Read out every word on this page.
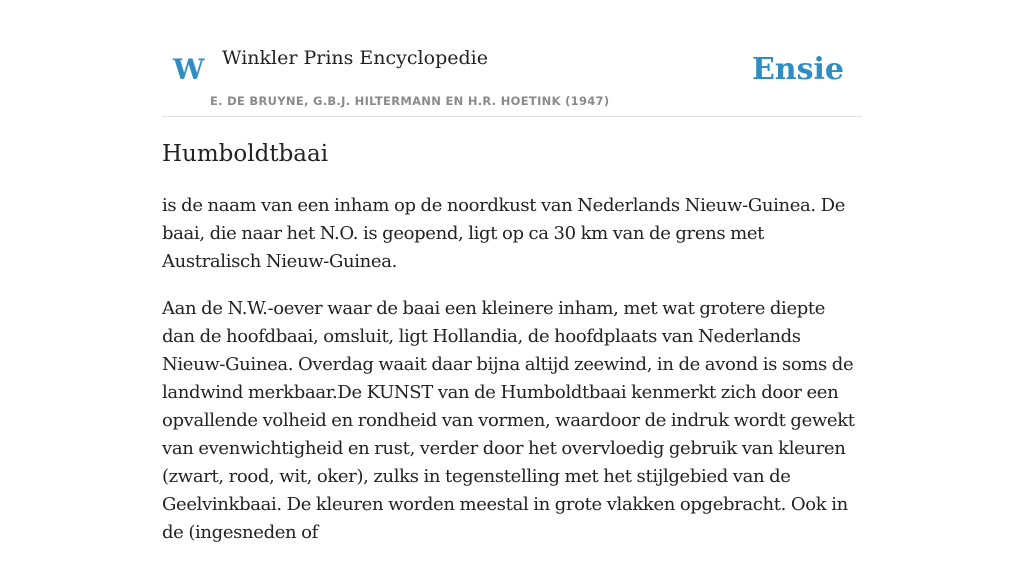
W Winkler Prins Encyclopedie
E. DE BRUYNE, G.B.J. HILTERMANN EN H.R. HOETINK (1947)
Ensie
Humboldtbaai

is de naam van een inham op de noordkust van Nederlands Nieuw-Guinea. De baai, die naar het N.O. is geopend, ligt op ca 30 km van de grens met Australisch Nieuw-Guinea.

Aan de N.W.-oever waar de baai een kleinere inham, met wat grotere diepte dan de hoofdbaai, omsluit, ligt Hollandia, de hoofdplaats van Nederlands Nieuw-Guinea. Overdag waait daar bijna altijd zeewind, in de avond is soms de landwind merkbaar.De KUNST van de Humboldtbaai kenmerkt zich door een opvallende volheid en rondheid van vormen, waardoor de indruk wordt gewekt van evenwichtigheid en rust, verder door het overvloedig gebruik van kleuren (zwart, rood, wit, oker), zulks in tegenstelling met het stijlgebied van de Geelvinkbaai. De kleuren worden meestal in grote vlakken opgebracht. Ook in de (ingesneden of
